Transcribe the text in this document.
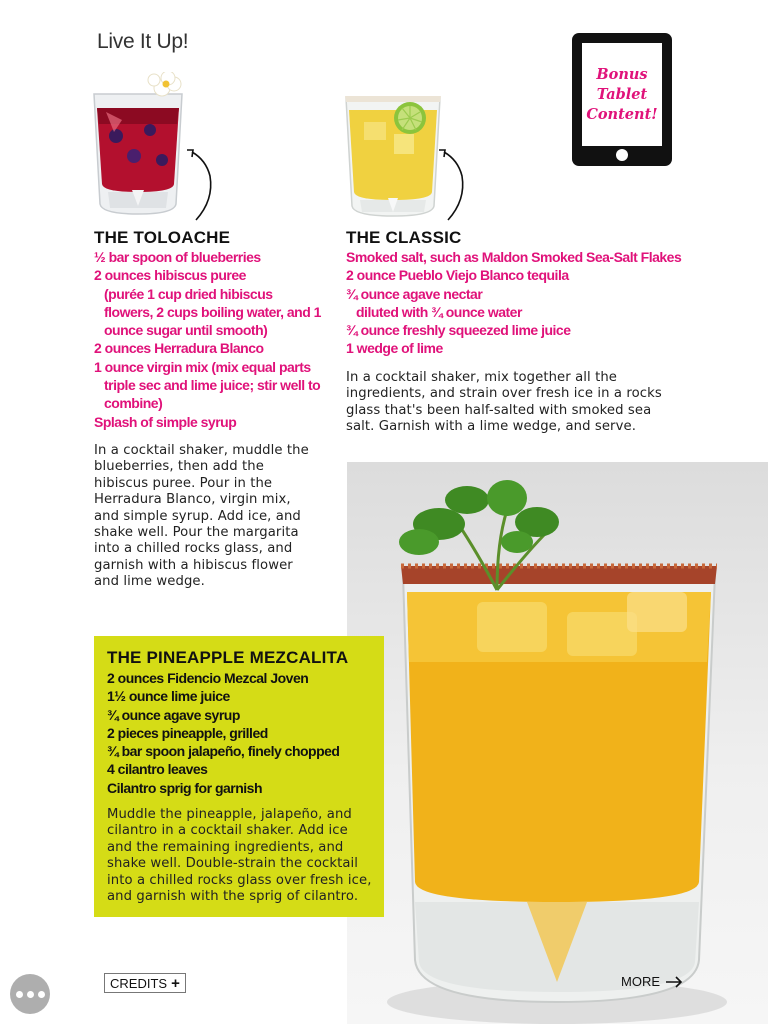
Live It Up!
Bonus
Tablet
Content!
THE TOLOACHE
½ bar spoon of blueberries
2 ounces hibiscus puree
(purée 1 cup dried hibiscus flowers, 2 cups boiling water, and 1 ounce sugar until smooth)
2 ounces Herradura Blanco
1 ounce virgin mix (mix equal parts triple sec and lime juice; stir well to combine)
Splash of simple syrup

In a cocktail shaker, muddle the blueberries, then add the hibiscus puree. Pour in the Herradura Blanco, virgin mix, and simple syrup. Add ice, and shake well. Pour the margarita into a chilled rocks glass, and garnish with a hibiscus flower and lime wedge.

THE CLASSIC
Smoked salt, such as Maldon Smoked Sea-Salt Flakes
2 ounce Pueblo Viejo Blanco tequila
¾ ounce agave nectar
diluted with ¾ ounce water
¾ ounce freshly squeezed lime juice
1 wedge of lime

In a cocktail shaker, mix together all the ingredients, and strain over fresh ice in a rocks glass that's been half-salted with smoked sea salt. Garnish with a lime wedge, and serve.

THE PINEAPPLE MEZCALITA
2 ounces Fidencio Mezcal Joven
1½ ounce lime juice
¾ ounce agave syrup
2 pieces pineapple, grilled
¾ bar spoon jalapeño, finely chopped
4 cilantro leaves
Cilantro sprig for garnish

Muddle the pineapple, jalapeño, and cilantro in a cocktail shaker. Add ice and the remaining ingredients, and shake well. Double-strain the cocktail into a chilled rocks glass over fresh ice, and garnish with the sprig of cilantro.

CREDITS +	MORE
